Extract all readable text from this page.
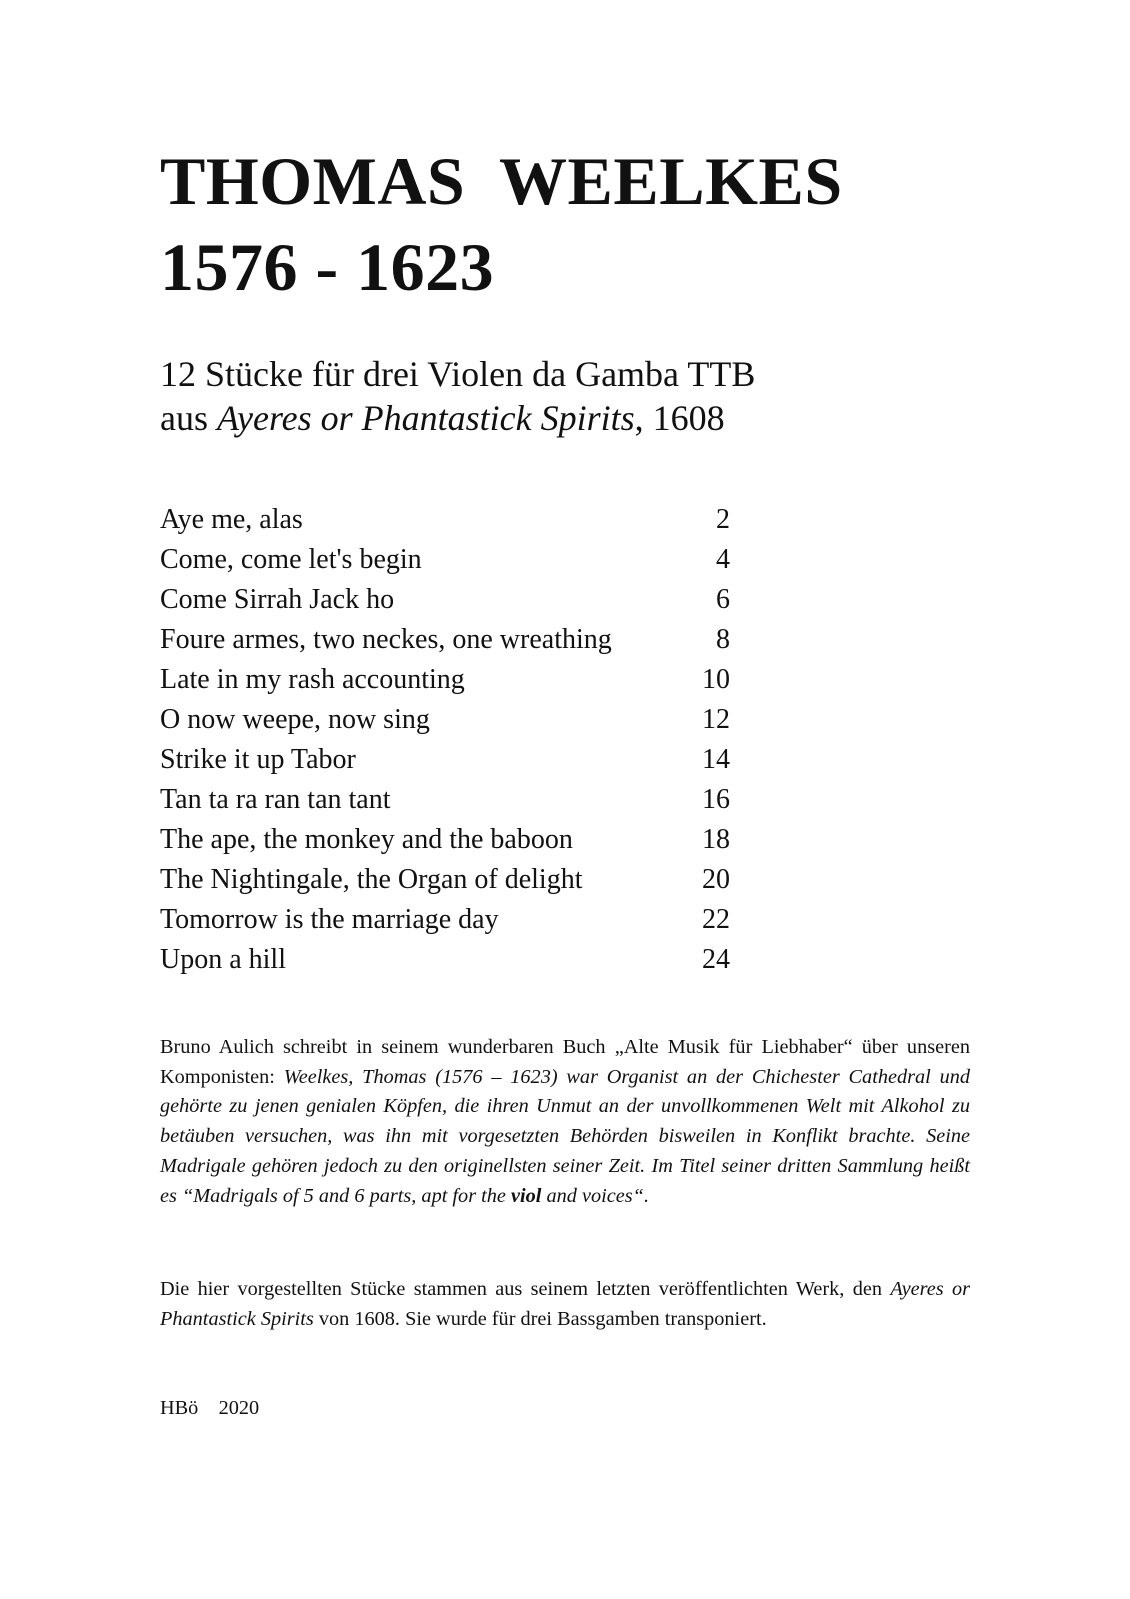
THOMAS  WEELKES
1576 - 1623
12 Stücke für drei Violen da Gamba TTB
aus Ayeres or Phantastick Spirits, 1608
Aye me, alas	2
Come, come let's begin	4
Come Sirrah Jack ho	6
Foure armes, two neckes, one wreathing	8
Late in my rash accounting	10
O now weepe, now sing	12
Strike it up Tabor	14
Tan ta ra ran tan tant	16
The ape, the monkey and the baboon	18
The Nightingale, the Organ of delight	20
Tomorrow is the marriage day	22
Upon a hill	24

Bruno Aulich schreibt in seinem wunderbaren Buch „Alte Musik für Liebhaber“ über unseren Komponisten: Weelkes, Thomas (1576 – 1623) war Organist an der Chichester Cathedral und gehörte zu jenen genialen Köpfen, die ihren Unmut an der unvollkommenen Welt mit Alkohol zu betäuben versuchen, was ihn mit vorgesetzten Behörden bisweilen in Konflikt brachte. Seine Madrigale gehören jedoch zu den originellsten seiner Zeit. Im Titel seiner dritten Sammlung heißt es “Madrigals of 5 and 6 parts, apt for the viol and voices“.

Die hier vorgestellten Stücke stammen aus seinem letzten veröffentlichten Werk, den Ayeres or Phantastick Spirits von 1608. Sie wurde für drei Bassgamben transponiert.

HBö 2020
